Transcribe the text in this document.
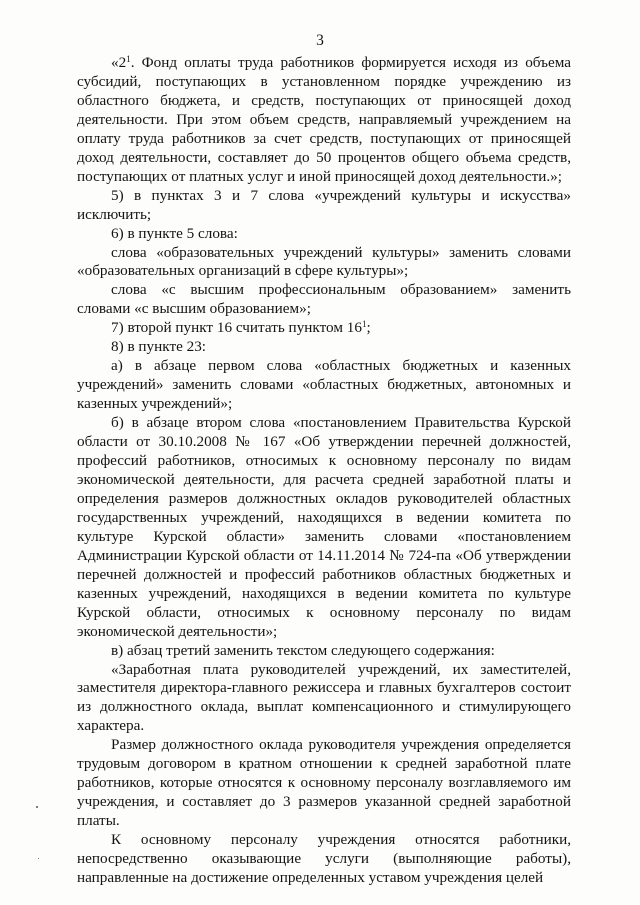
3

«$2^1$. Фонд оплаты труда работников формируется исходя из объема субсидий, поступающих в установленном порядке учреждению из областного бюджета, и средств, поступающих от приносящей доход деятельности. При этом объем средств, направляемый учреждением на оплату труда работников за счет средств, поступающих от приносящей доход деятельности, составляет до 50 процентов общего объема средств, поступающих от платных услуг и иной приносящей доход деятельности.»;

5) в пунктах 3 и 7 слова «учреждений культуры и искусства» исключить;

6) в пункте 5 слова:

слова «образовательных учреждений культуры» заменить словами «образовательных организаций в сфере культуры»;

слова «с высшим профессиональным образованием» заменить словами «с высшим образованием»;

7) второй пункт 16 считать пунктом $16^1$;

8) в пункте 23:

а) в абзаце первом слова «областных бюджетных и казенных учреждений» заменить словами «областных бюджетных, автономных и казенных учреждений»;

б) в абзаце втором слова «постановлением Правительства Курской области от 30.10.2008 № 167 «Об утверждении перечней должностей, профессий работников, относимых к основному персоналу по видам экономической деятельности, для расчета средней заработной платы и определения размеров должностных окладов руководителей областных государственных учреждений, находящихся в ведении комитета по культуре Курской области» заменить словами «постановлением Администрации Курской области от 14.11.2014 № 724-па «Об утверждении перечней должностей и профессий работников областных бюджетных и казенных учреждений, находящихся в ведении комитета по культуре Курской области, относимых к основному персоналу по видам экономической деятельности»;

в) абзац третий заменить текстом следующего содержания:

«Заработная плата руководителей учреждений, их заместителей, заместителя директора-главного режиссера и главных бухгалтеров состоит из должностного оклада, выплат компенсационного и стимулирующего характера.

Размер должностного оклада руководителя учреждения определяется трудовым договором в кратном отношении к средней заработной плате работников, которые относятся к основному персоналу возглавляемого им учреждения, и составляет до 3 размеров указанной средней заработной платы.

К основному персоналу учреждения относятся работники, непосредственно оказывающие услуги (выполняющие работы), направленные на достижение определенных уставом учреждения целей
